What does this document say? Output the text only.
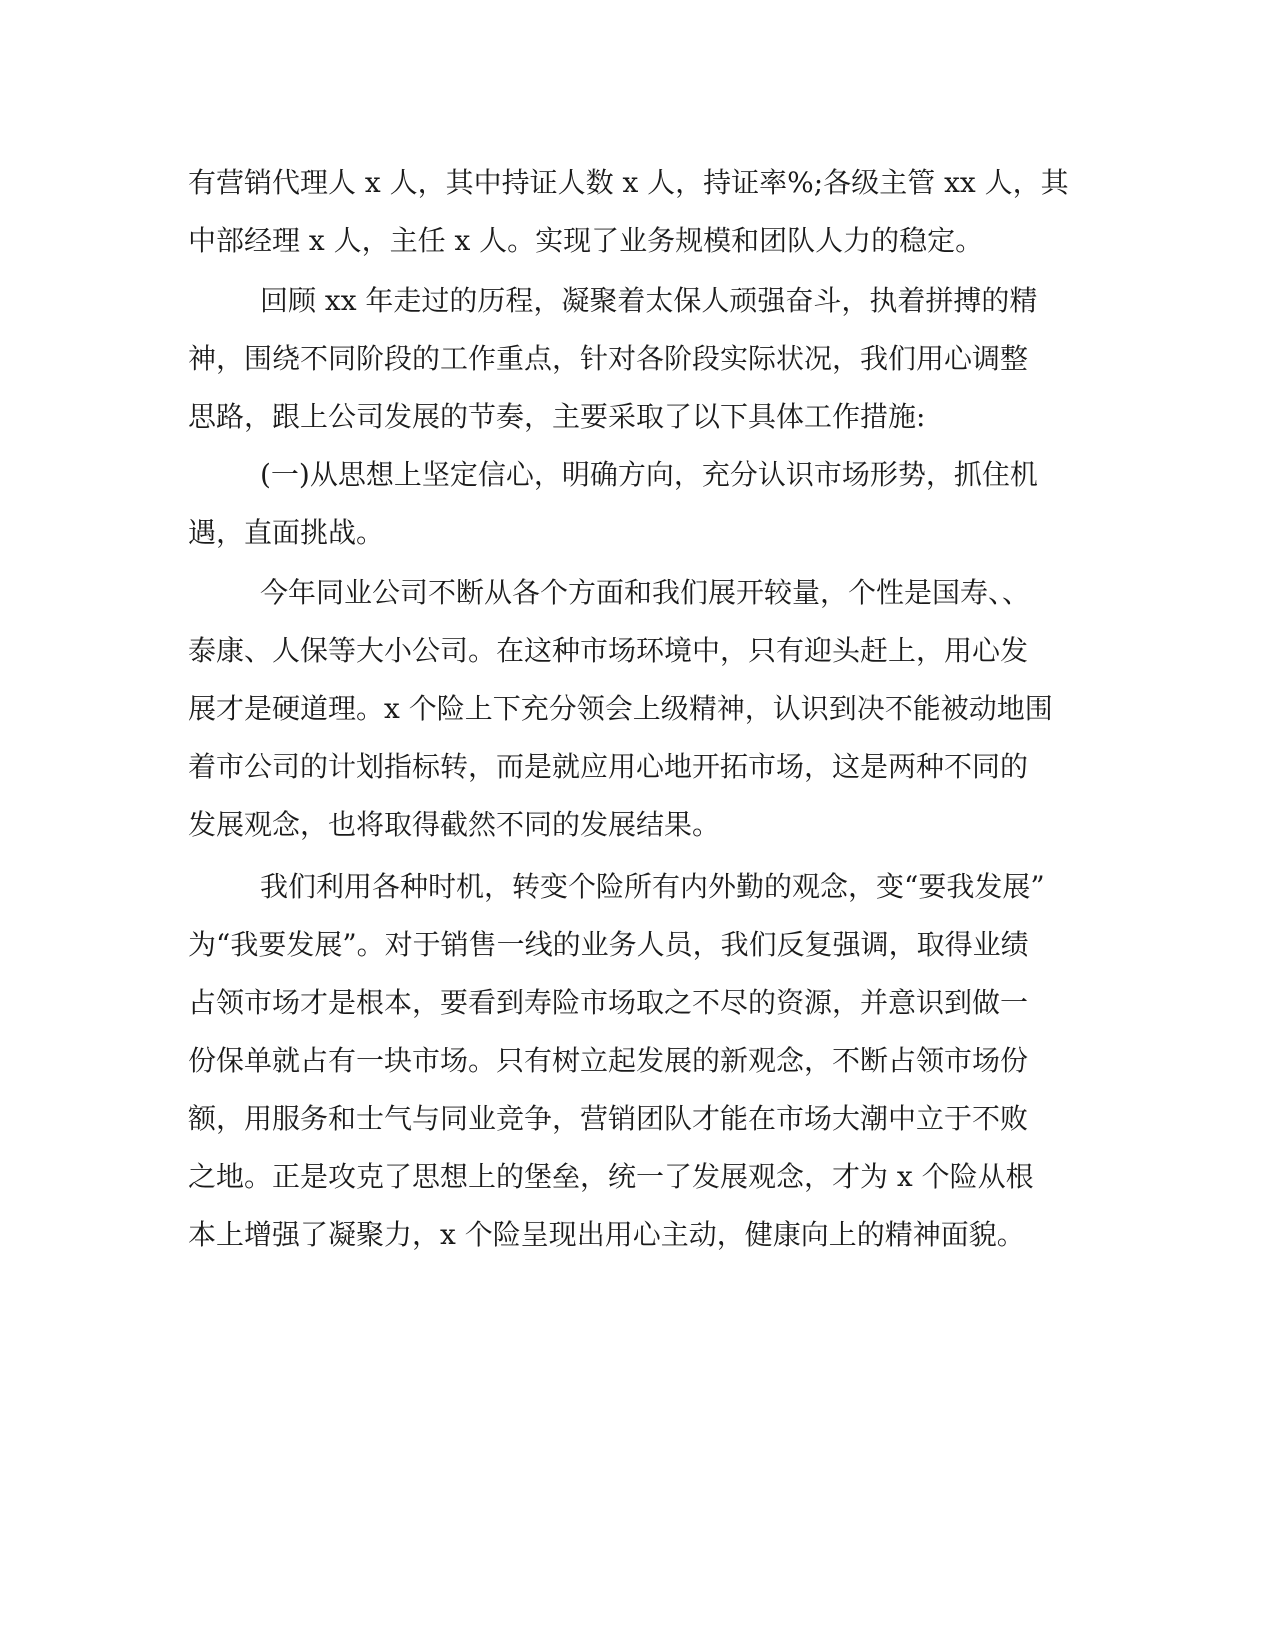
有营销代理人 x 人，其中持证人数 x 人，持证率%;各级主管 xx 人，其
中部经理 x 人，主任 x 人。实现了业务规模和团队人力的稳定。
回顾 xx 年走过的历程，凝聚着太保人顽强奋斗，执着拼搏的精
神，围绕不同阶段的工作重点，针对各阶段实际状况，我们用心调整
思路，跟上公司发展的节奏，主要采取了以下具体工作措施:
(一)从思想上坚定信心，明确方向，充分认识市场形势，抓住机
遇，直面挑战。
今年同业公司不断从各个方面和我们展开较量，个性是国寿、、
泰康、人保等大小公司。在这种市场环境中，只有迎头赶上，用心发
展才是硬道理。x 个险上下充分领会上级精神，认识到决不能被动地围
着市公司的计划指标转，而是就应用心地开拓市场，这是两种不同的
发展观念，也将取得截然不同的发展结果。
我们利用各种时机，转变个险所有内外勤的观念，变“要我发展”
为“我要发展”。对于销售一线的业务人员，我们反复强调，取得业绩
占领市场才是根本，要看到寿险市场取之不尽的资源，并意识到做一
份保单就占有一块市场。只有树立起发展的新观念，不断占领市场份
额，用服务和士气与同业竞争，营销团队才能在市场大潮中立于不败
之地。正是攻克了思想上的堡垒，统一了发展观念，才为 x 个险从根
本上增强了凝聚力，x 个险呈现出用心主动，健康向上的精神面貌。
